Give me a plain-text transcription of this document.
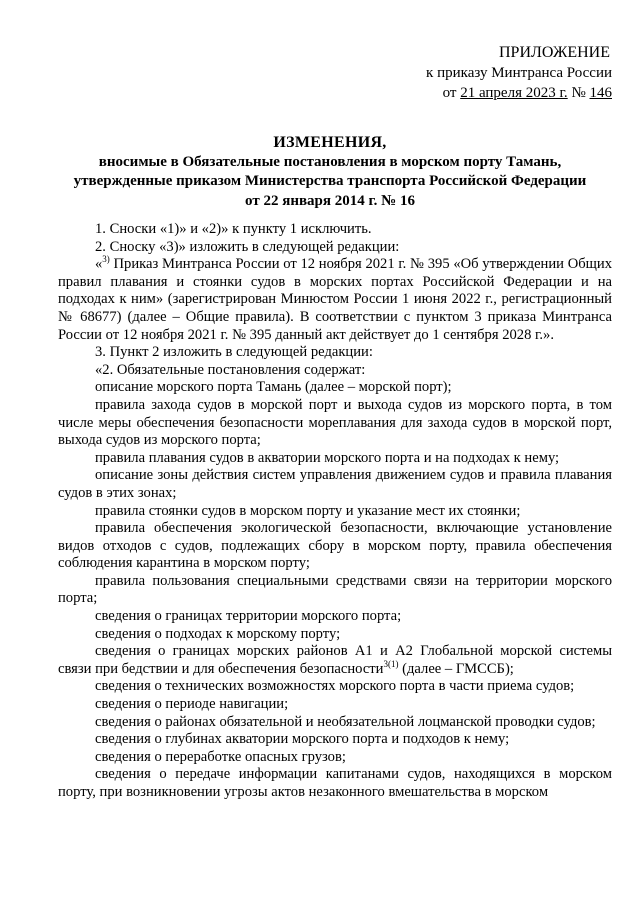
ПРИЛОЖЕНИЕ
к приказу Минтранса России
от 21 апреля 2023 г. № 146
ИЗМЕНЕНИЯ,
вносимые в Обязательные постановления в морском порту Тамань,
утвержденные приказом Министерства транспорта Российской Федерации
от 22 января 2014 г. № 16

1. Сноски «1)» и «2)» к пункту 1 исключить.

2. Сноску «3)» изложить в следующей редакции:

«$^{3)}$ Приказ Минтранса России от 12 ноября 2021 г. № 395 «Об утверждении Общих правил плавания и стоянки судов в морских портах Российской Федерации и на подходах к ним» (зарегистрирован Минюстом России 1 июня 2022 г., регистрационный № 68677) (далее – Общие правила). В соответствии с пунктом 3 приказа Минтранса России от 12 ноября 2021 г. № 395 данный акт действует до 1 сентября 2028 г.».

3. Пункт 2 изложить в следующей редакции:

«2. Обязательные постановления содержат:

описание морского порта Тамань (далее – морской порт);

правила захода судов в морской порт и выхода судов из морского порта, в том числе меры обеспечения безопасности мореплавания для захода судов в морской порт, выхода судов из морского порта;

правила плавания судов в акватории морского порта и на подходах к нему;

описание зоны действия систем управления движением судов и правила плавания судов в этих зонах;

правила стоянки судов в морском порту и указание мест их стоянки;

правила обеспечения экологической безопасности, включающие установление видов отходов с судов, подлежащих сбору в морском порту, правила обеспечения соблюдения карантина в морском порту;

правила пользования специальными средствами связи на территории морского порта;

сведения о границах территории морского порта;

сведения о подходах к морскому порту;

сведения о границах морских районов А1 и А2 Глобальной морской системы связи при бедствии и для обеспечения безопасности$^{3(1)}$ (далее – ГМССБ);

сведения о технических возможностях морского порта в части приема судов;

сведения о периоде навигации;

сведения о районах обязательной и необязательной лоцманской проводки судов;

сведения о глубинах акватории морского порта и подходов к нему;

сведения о переработке опасных грузов;

сведения о передаче информации капитанами судов, находящихся в морском порту, при возникновении угрозы актов незаконного вмешательства в морском
